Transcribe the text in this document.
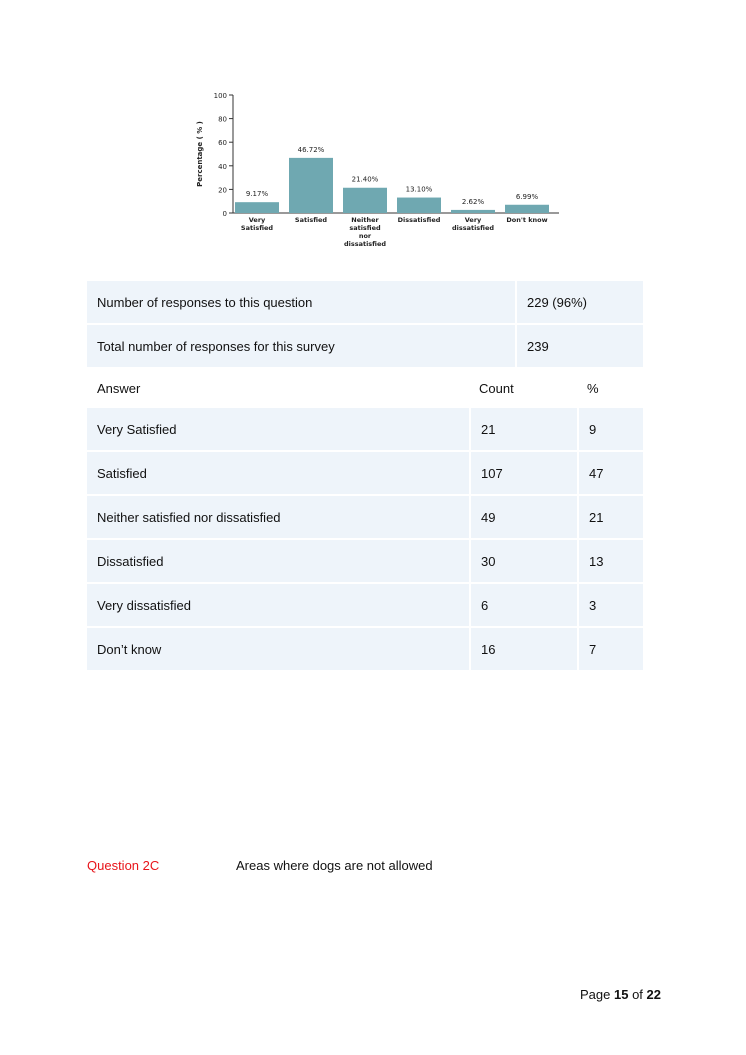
0
20
40
60
80
100
Percentage ( % )
9.17%
Very Satisfied
46.72%
Satisfied
21.40%
Neither satisfied nor dissatisfied
13.10%
Dissatisfied
2.62%
Very dissatisfied
6.99%
Don't know
Number of responses to this question	229 (96%)
Total number of responses for this survey	239
Answer	Count	%
Very Satisfied	21	9
Satisfied	107	47
Neither satisfied nor dissatisfied	49	21
Dissatisfied	30	13
Very dissatisfied	6	3
Don’t know	16	7
Question 2C	Areas where dogs are not allowed
Page 15 of 22
